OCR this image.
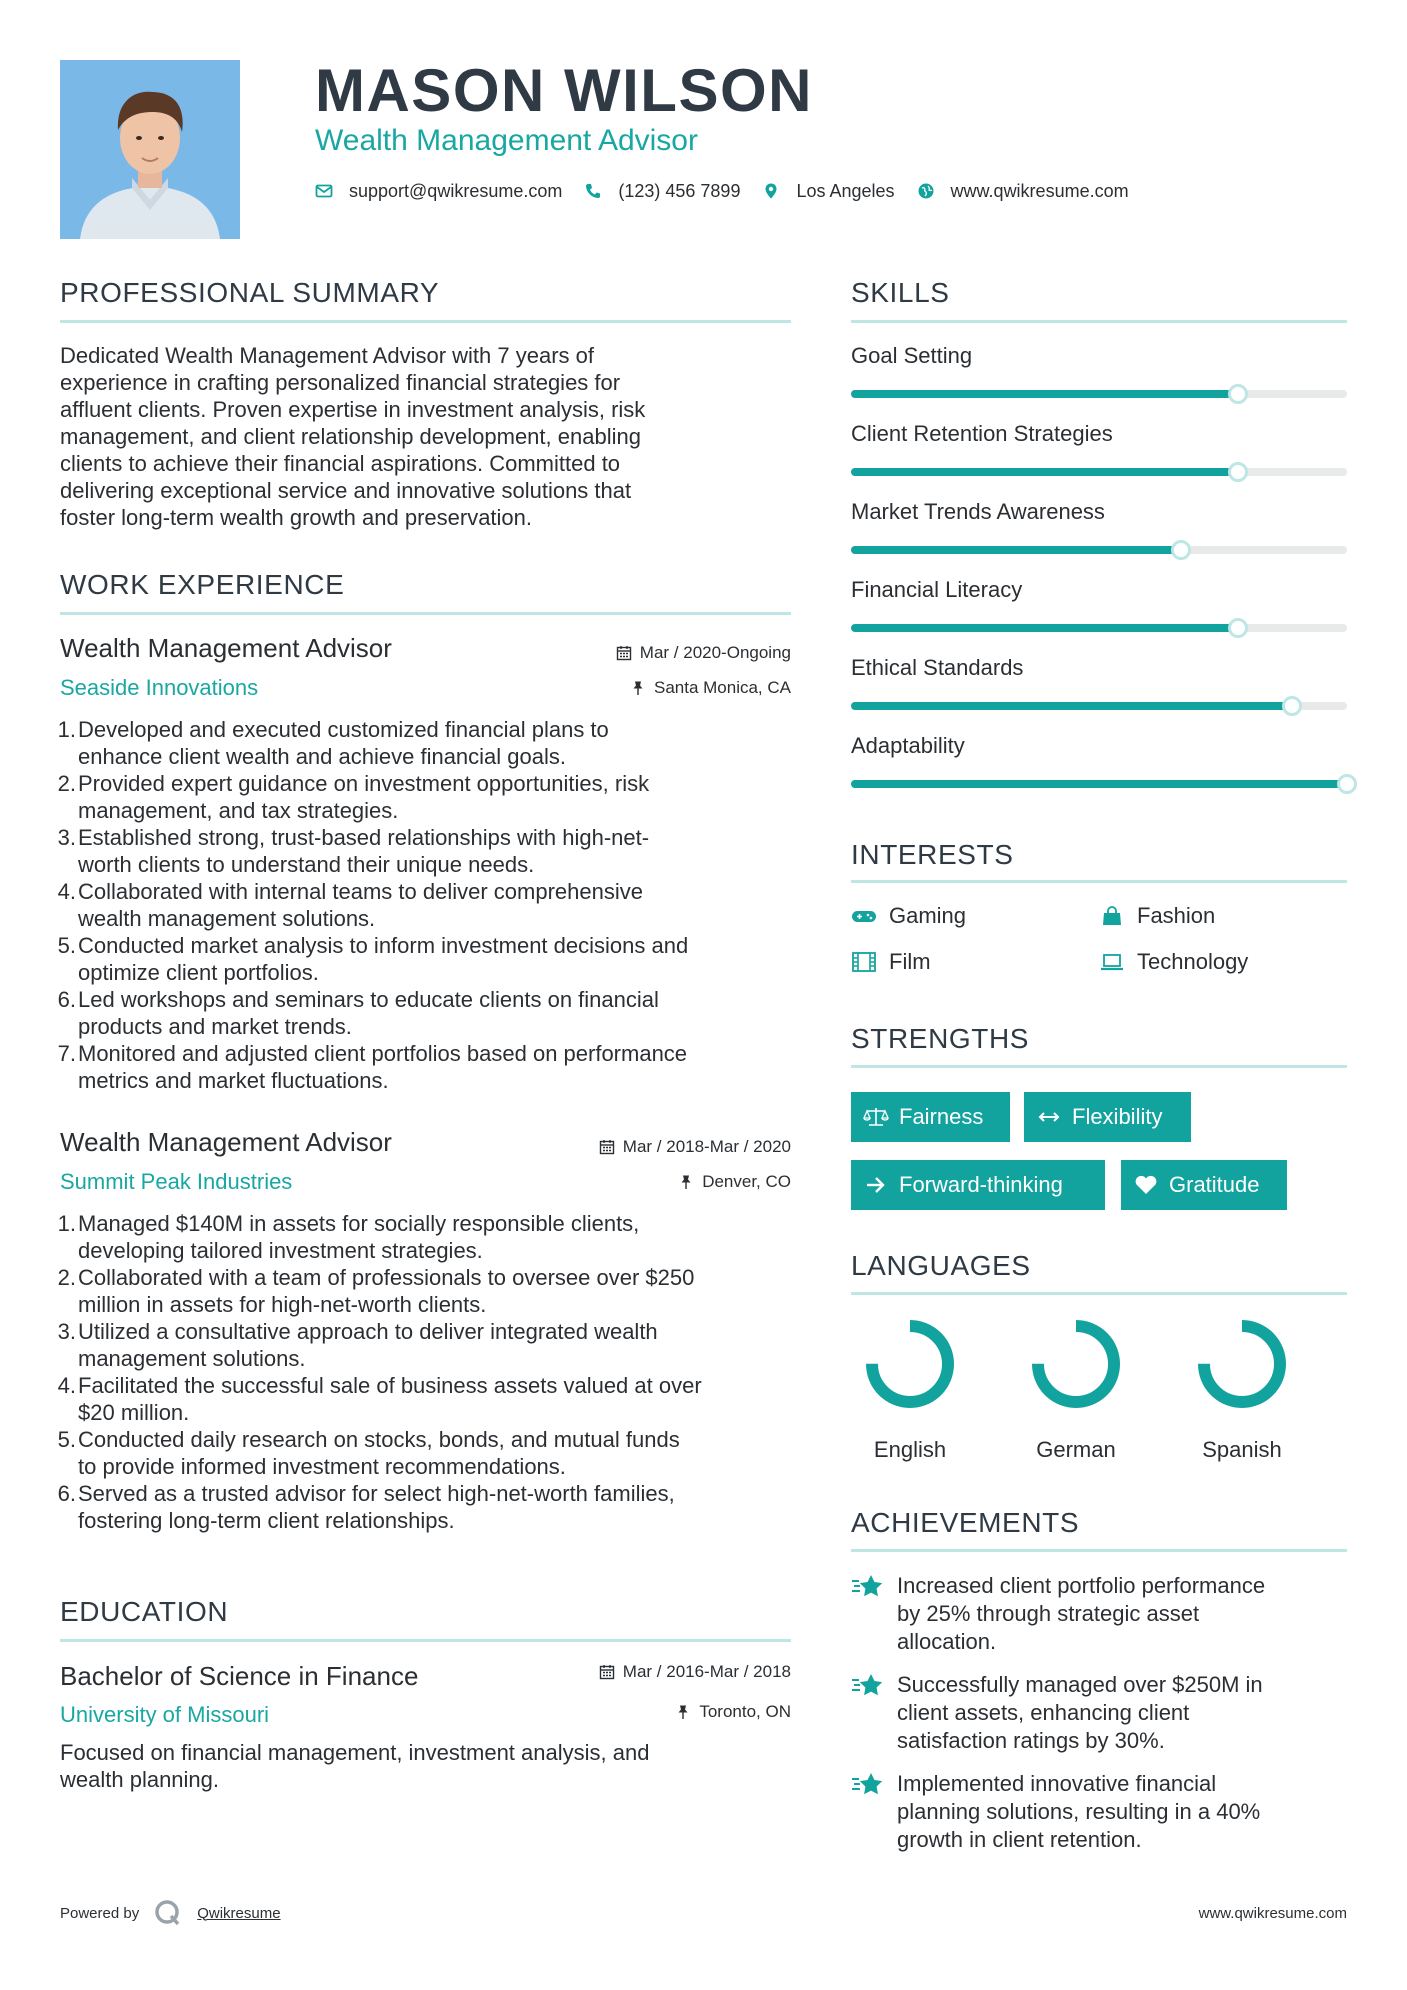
MASON WILSON
Wealth Management Advisor
support@qwikresume.com	(123) 456 7899	Los Angeles	www.qwikresume.com
PROFESSIONAL SUMMARY
Dedicated Wealth Management Advisor with 7 years of
experience in crafting personalized financial strategies for
affluent clients. Proven expertise in investment analysis, risk
management, and client relationship development, enabling
clients to achieve their financial aspirations. Committed to
delivering exceptional service and innovative solutions that
foster long-term wealth growth and preservation.
WORK EXPERIENCE
Wealth Management Advisor	Mar / 2020-Ongoing
Seaside Innovations	Santa Monica, CA
1. Developed and executed customized financial plans to
enhance client wealth and achieve financial goals.
2. Provided expert guidance on investment opportunities, risk
management, and tax strategies.
3. Established strong, trust-based relationships with high-net-
worth clients to understand their unique needs.
4. Collaborated with internal teams to deliver comprehensive
wealth management solutions.
5. Conducted market analysis to inform investment decisions and
optimize client portfolios.
6. Led workshops and seminars to educate clients on financial
products and market trends.
7. Monitored and adjusted client portfolios based on performance
metrics and market fluctuations.
Wealth Management Advisor	Mar / 2018-Mar / 2020
Summit Peak Industries	Denver, CO
1. Managed $140M in assets for socially responsible clients,
developing tailored investment strategies.
2. Collaborated with a team of professionals to oversee over $250
million in assets for high-net-worth clients.
3. Utilized a consultative approach to deliver integrated wealth
management solutions.
4. Facilitated the successful sale of business assets valued at over
$20 million.
5. Conducted daily research on stocks, bonds, and mutual funds
to provide informed investment recommendations.
6. Served as a trusted advisor for select high-net-worth families,
fostering long-term client relationships.
EDUCATION
Bachelor of Science in Finance	Mar / 2016-Mar / 2018
University of Missouri	Toronto, ON
Focused on financial management, investment analysis, and
wealth planning.
SKILLS
Goal Setting
Client Retention Strategies
Market Trends Awareness
Financial Literacy
Ethical Standards
Adaptability
INTERESTS
Gaming	Fashion
Film	Technology
STRENGTHS
Fairness	Flexibility
Forward-thinking	Gratitude
LANGUAGES
English	German	Spanish
ACHIEVEMENTS
Increased client portfolio performance
by 25% through strategic asset
allocation.
Successfully managed over $250M in
client assets, enhancing client
satisfaction ratings by 30%.
Implemented innovative financial
planning solutions, resulting in a 40%
growth in client retention.
Powered by	Qwikresume	www.qwikresume.com
